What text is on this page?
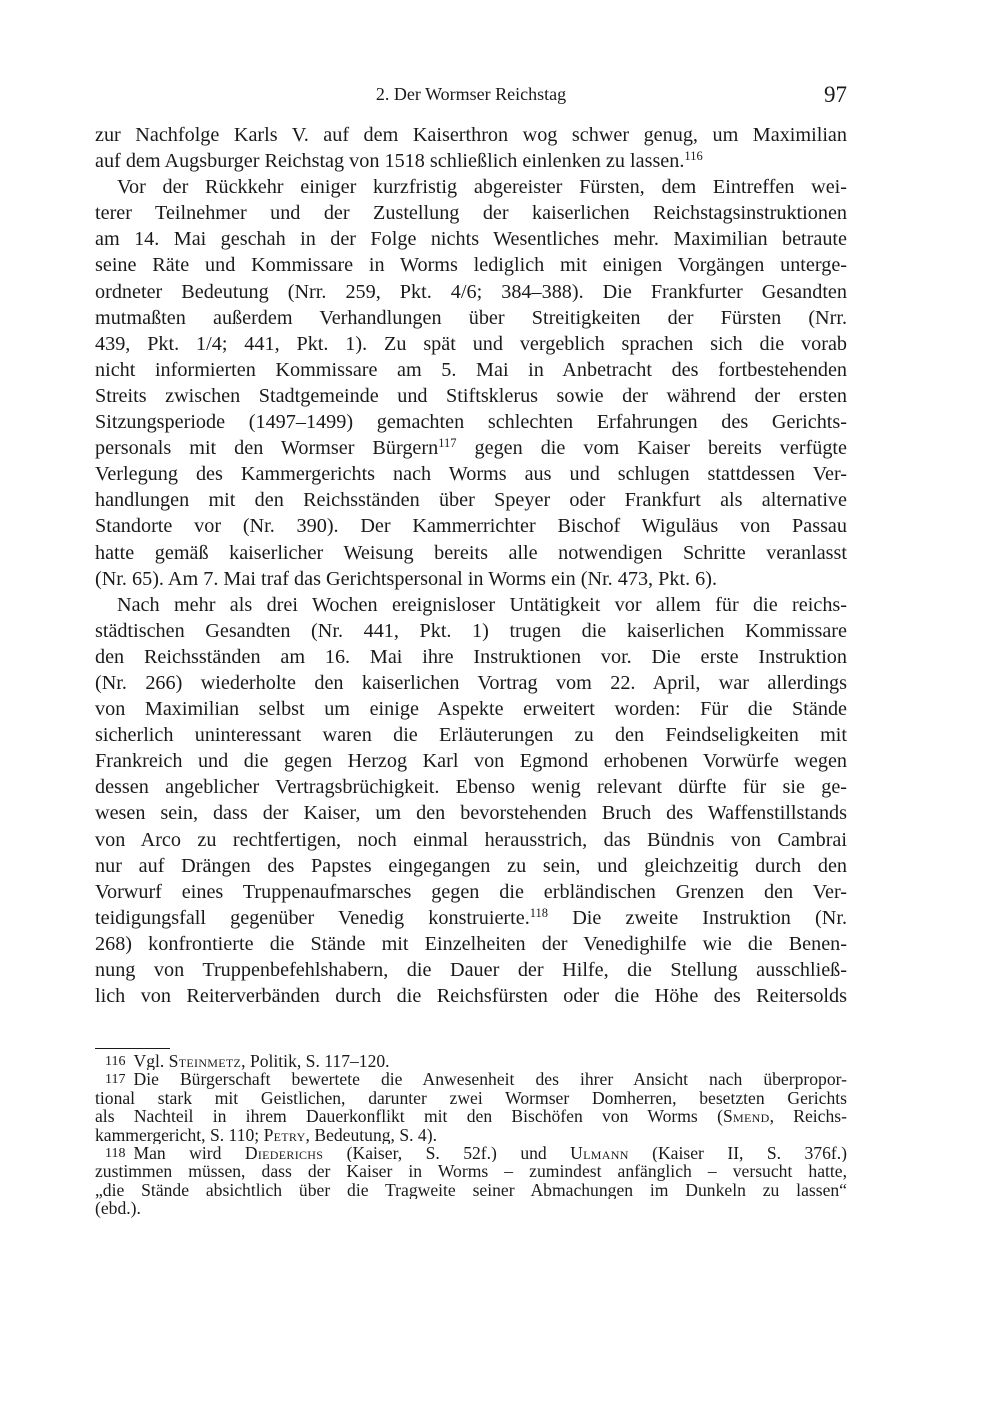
2. Der Wormser Reichstag	97
zur Nachfolge Karls V. auf dem Kaiserthron wog schwer genug, um Maximilian
auf dem Augsburger Reichstag von 1518 schließlich einlenken zu lassen.$^{116}$
Vor der Rückkehr einiger kurzfristig abgereister Fürsten, dem Eintreffen wei-
terer Teilnehmer und der Zustellung der kaiserlichen Reichstagsinstruktionen
am 14. Mai geschah in der Folge nichts Wesentliches mehr. Maximilian betraute
seine Räte und Kommissare in Worms lediglich mit einigen Vorgängen unterge-
ordneter Bedeutung (Nrr. 259, Pkt. 4/6; 384–388). Die Frankfurter Gesandten
mutmaßten außerdem Verhandlungen über Streitigkeiten der Fürsten (Nrr.
439, Pkt. 1/4; 441, Pkt. 1). Zu spät und vergeblich sprachen sich die vorab
nicht informierten Kommissare am 5. Mai in Anbetracht des fortbestehenden
Streits zwischen Stadtgemeinde und Stiftsklerus sowie der während der ersten
Sitzungsperiode (1497–1499) gemachten schlechten Erfahrungen des Gerichts-
personals mit den Wormser Bürgern$^{117}$ gegen die vom Kaiser bereits verfügte
Verlegung des Kammergerichts nach Worms aus und schlugen stattdessen Ver-
handlungen mit den Reichsständen über Speyer oder Frankfurt als alternative
Standorte vor (Nr. 390). Der Kammerrichter Bischof Wiguläus von Passau
hatte gemäß kaiserlicher Weisung bereits alle notwendigen Schritte veranlasst
(Nr. 65). Am 7. Mai traf das Gerichtspersonal in Worms ein (Nr. 473, Pkt. 6).
Nach mehr als drei Wochen ereignisloser Untätigkeit vor allem für die reichs-
städtischen Gesandten (Nr. 441, Pkt. 1) trugen die kaiserlichen Kommissare
den Reichsständen am 16. Mai ihre Instruktionen vor. Die erste Instruktion
(Nr. 266) wiederholte den kaiserlichen Vortrag vom 22. April, war allerdings
von Maximilian selbst um einige Aspekte erweitert worden: Für die Stände
sicherlich uninteressant waren die Erläuterungen zu den Feindseligkeiten mit
Frankreich und die gegen Herzog Karl von Egmond erhobenen Vorwürfe wegen
dessen angeblicher Vertragsbrüchigkeit. Ebenso wenig relevant dürfte für sie ge-
wesen sein, dass der Kaiser, um den bevorstehenden Bruch des Waffenstillstands
von Arco zu rechtfertigen, noch einmal herausstrich, das Bündnis von Cambrai
nur auf Drängen des Papstes eingegangen zu sein, und gleichzeitig durch den
Vorwurf eines Truppenaufmarsches gegen die erbländischen Grenzen den Ver-
teidigungsfall gegenüber Venedig konstruierte.$^{118}$ Die zweite Instruktion (Nr.
268) konfrontierte die Stände mit Einzelheiten der Venedighilfe wie die Benen-
nung von Truppenbefehlshabern, die Dauer der Hilfe, die Stellung ausschließ-
lich von Reiterverbänden durch die Reichsfürsten oder die Höhe des Reitersolds
116 Vgl. Steinmetz, Politik, S. 117–120.
117 Die Bürgerschaft bewertete die Anwesenheit des ihrer Ansicht nach überpropor-
tional stark mit Geistlichen, darunter zwei Wormser Domherren, besetzten Gerichts
als Nachteil in ihrem Dauerkonflikt mit den Bischöfen von Worms (Smend, Reichs-
kammergericht, S. 110; Petry, Bedeutung, S. 4).
118 Man wird Diederichs (Kaiser, S. 52f.) und Ulmann (Kaiser II, S. 376f.)
zustimmen müssen, dass der Kaiser in Worms – zumindest anfänglich – versucht hatte,
„die Stände absichtlich über die Tragweite seiner Abmachungen im Dunkeln zu lassen“
(ebd.).
